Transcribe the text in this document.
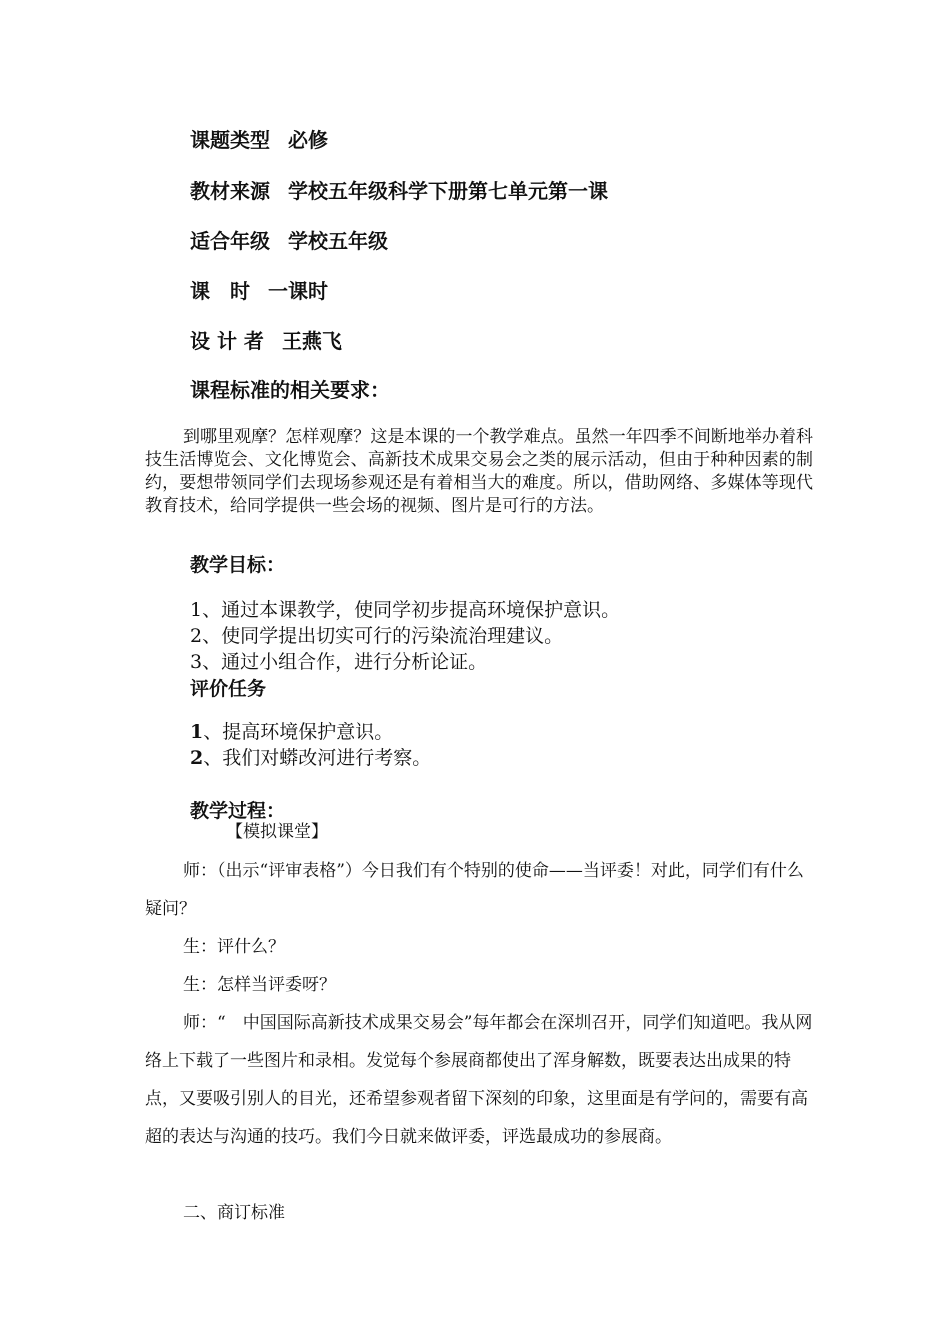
课题类型 必修
教材来源 学校五年级科学下册第七单元第一课
适合年级 学校五年级
课　时 一课时
设 计 者 王燕飞
课程标准的相关要求：
到哪里观摩？怎样观摩？这是本课的一个教学难点。虽然一年四季不间断地举办着科技生活博览会、文化博览会、高新技术成果交易会之类的展示活动，但由于种种因素的制约，要想带领同学们去现场参观还是有着相当大的难度。所以，借助网络、多媒体等现代教育技术，给同学提供一些会场的视频、图片是可行的方法。
教学目标：
1、通过本课教学，使同学初步提高环境保护意识。
2、使同学提出切实可行的污染流治理建议。
3、通过小组合作，进行分析论证。
评价任务
1、提高环境保护意识。
2、我们对蟒改河进行考察。
教学过程：
【模拟课堂】
师：（出示“评审表格”）今日我们有个特别的使命——当评委！对此，同学们有什么疑问？
生：评什么？
生：怎样当评委呀？
师：“　中国国际高新技术成果交易会”每年都会在深圳召开，同学们知道吧。我从网络上下载了一些图片和录相。发觉每个参展商都使出了浑身解数，既要表达出成果的特点，又要吸引别人的目光，还希望参观者留下深刻的印象，这里面是有学问的，需要有高超的表达与沟通的技巧。我们今日就来做评委，评选最成功的参展商。
二、商订标准
